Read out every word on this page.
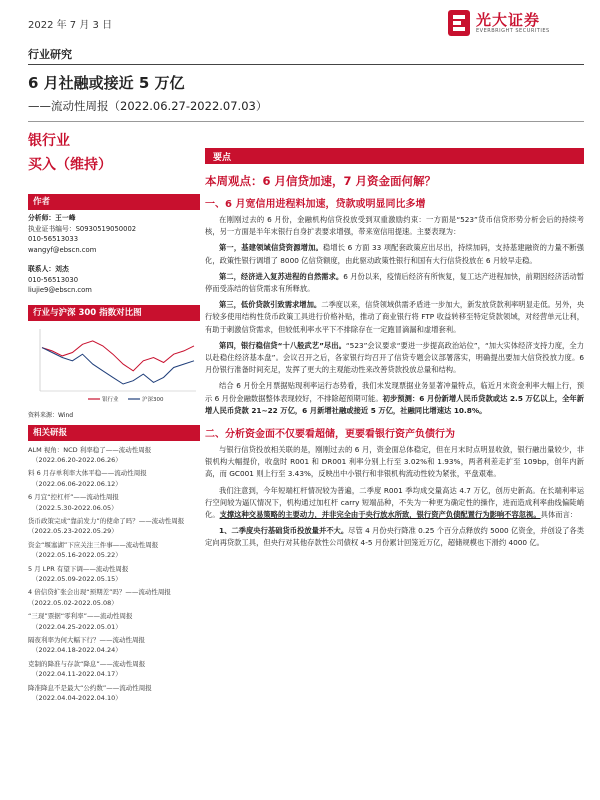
2022 年 7 月 3 日	光大证券
EVERBRIGHT SECURITIES
行业研究
6 月社融或接近 5 万亿
——流动性周报（2022.06.27-2022.07.03）
银行业
买入（维持）
作者
分析师：王一峰
执业证书编号：S0930519050002
010-56513033
wangyf@ebscn.com
联系人：刘杰
010-56513030
liujie9@ebscn.com
行业与沪深 300 指数对比图
银行业	沪深300
资料来源：Wind
相关研报
ALM 视角：NCD 利率稳了——流动性周报
（2022.06.20-2022.06.26）
料 6 月存单利率大体平稳——流动性周报
（2022.06.06-2022.06.12）
6 月宜“控杠杆”——流动性周报
（2022.5.30-2022.06.05）
货币政策完成“靠前发力”的使命了吗？——流动性周报（2022.05.23-2022.05.29）
资金“堰塞湖”下应关注三件事——流动性周报
（2022.05.16-2022.05.22）
5 月 LPR 有望下调——流动性周报
（2022.05.09-2022.05.15）
4 倍信贷扩张会出现“预期差”吗？——流动性周报（2022.05.02-2022.05.08）
“三现”票据“零利率”——流动性周报
（2022.04.25-2022.05.01）
隔夜利率为何大幅下行？——流动性周报
（2022.04.18-2022.04.24）
克制的降准与存款“降息”——流动性周报
（2022.04.11-2022.04.17）
降准降息不是最大“公约数”——流动性周报
（2022.04.04-2022.04.10）
要点
本周观点：6 月信贷加速，7 月资金面何解？
一、6 月宽信用进程料加速，贷款或明显同比多增

在刚刚过去的 6 月份，金融机构信贷投放受到双重激励约束：一方面是“523”货币信贷形势分析会后的持续考核，另一方面是半年末银行自身扩表要求增强，带来宽信用提速。主要表现为：

第一，基建领域信贷资源增加。稳增长 6 方面 33 项配套政策应出尽出，持续加码，支持基建融资的力量不断强化，政策性银行调增了 8000 亿信贷额度，由此驱动政策性银行和国有大行信贷投放在 6 月较早走稳。

第二，经济进入复苏进程的自然需求。6 月份以来，疫情后经济有所恢复，复工达产进程加快，前期因经济活动暂停而受冻结的信贷需求有所释放。

第三，低价贷款引致需求增加。二季度以来，信贷领域供需矛盾进一步加大，新发放贷款利率明显走低。另外，央行较多使用结构性货币政策工具进行价格补贴，推动了商业银行将 FTP 收益转移至特定贷款领域，对经营单元让利，有助于刺激信贷需求，但较低利率水平下不排除存在一定跑冒滴漏和虚增套利。

第四，银行稳信贷“十八般武艺”尽出。“523”会议要求“要进一步提高政治站位”，“加大实体经济支持力度，全力以赴稳住经济基本盘”。会议召开之后，各家银行均召开了信贷专题会议部署落实，明确提出要加大信贷投放力度。6 月份银行准备时间充足，发挥了更大的主观能动性来改善贷款投放总量和结构。

结合 6 月份全月票据贴现利率运行态势看，我们未发现票据业务显著冲量特点，临近月末资金利率大幅上行，预示 6 月份金融数据整体表现较好，不排除超预期可能。初步预测：6 月份新增人民币贷款或达 2.5 万亿以上，全年新增人民币贷款 21~22 万亿，6 月新增社融或接近 5 万亿，社融同比增速达 10.8%。

二、分析资金面不仅要看超储，更要看银行资产负债行为

与银行信贷投放相关联的是，刚刚过去的 6 月，资金面总体稳定，但在月末时点明显收敛，银行融出量较少，非银机构大幅提价，收盘时 R001 和 DR001 利率分别上行至 3.02%和 1.93%，两者利差走扩至 109bp，创年内新高，而 GC001 则上行至 3.43%，反映出中小银行和非银机构流动性较为紧张，平盘艰难。

我们注意到，今年短端杠杆情况较为普遍，二季度 R001 季均成交量高达 4.7 万亿，创历史新高。在长端利率运行空间较为逼仄情况下，机构通过加杠杆 carry 短端品种，不失为一种更为确定性的操作，进而造成利率曲线偏陡峭化。支撑这种交易策略的主要动力，并非完全由于央行放水所致，银行资产负债配置行为影响不容忽视。具体而言：

1、二季度央行基础货币投放量并不大。尽管 4 月份央行降准 0.25 个百分点释放约 5000 亿资金，并创设了各类定向再贷款工具，但央行对其他存款性公司债权 4-5 月份累计回笼近万亿，超储规模也下滑约 4000 亿。
